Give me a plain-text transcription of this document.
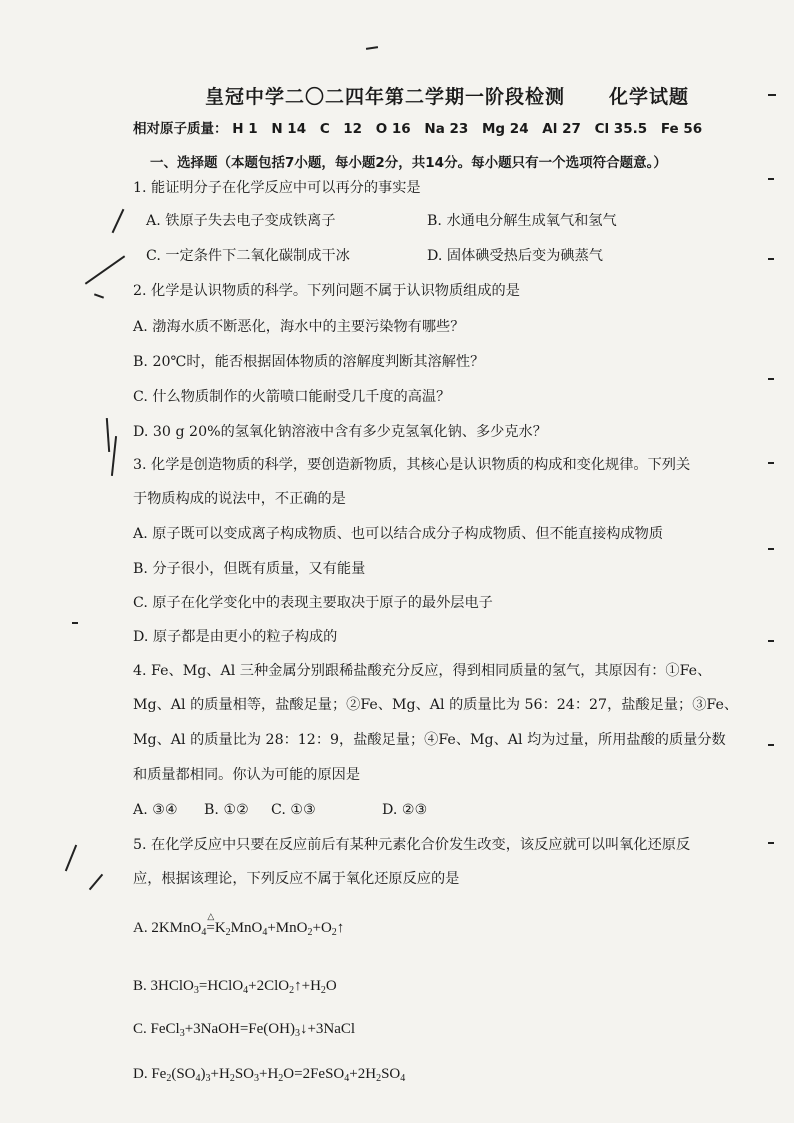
皇冠中学二〇二四年第二学期一阶段检测 化学试题
相对原子质量： H 1 N 14 C　12 O 16 Na 23 Mg 24 Al 27 Cl 35.5 Fe 56
一、选择题（本题包括7小题，每小题2分，共14分。每小题只有一个选项符合题意。）
1. 能证明分子在化学反应中可以再分的事实是
A. 铁原子失去电子变成铁离子	B. 水通电分解生成氧气和氢气
C. 一定条件下二氧化碳制成干冰	D. 固体碘受热后变为碘蒸气
2. 化学是认识物质的科学。下列问题不属于认识物质组成的是
A. 渤海水质不断恶化，海水中的主要污染物有哪些？
B. 20℃时，能否根据固体物质的溶解度判断其溶解性？
C. 什么物质制作的火箭喷口能耐受几千度的高温？
D. 30 g 20%的氢氧化钠溶液中含有多少克氢氧化钠、多少克水？
3. 化学是创造物质的科学，要创造新物质，其核心是认识物质的构成和变化规律。下列关
于物质构成的说法中，不正确的是
A. 原子既可以变成离子构成物质、也可以结合成分子构成物质、但不能直接构成物质
B. 分子很小，但既有质量，又有能量
C. 原子在化学变化中的表现主要取决于原子的最外层电子
D. 原子都是由更小的粒子构成的
4. Fe、Mg、Al 三种金属分别跟稀盐酸充分反应，得到相同质量的氢气，其原因有：①Fe、
Mg、Al 的质量相等，盐酸足量；②Fe、Mg、Al 的质量比为 56：24：27，盐酸足量；③Fe、
Mg、Al 的质量比为 28：12：9，盐酸足量；④Fe、Mg、Al 均为过量，所用盐酸的质量分数
和质量都相同。你认为可能的原因是
A. ③④ B. ①② C. ①③	D. ②③
5. 在化学反应中只要在反应前后有某种元素化合价发生改变，该反应就可以叫氧化还原反
应，根据该理论，下列反应不属于氧化还原反应的是
A. 2KMnO$_4$
△
$=K_2MnO_4+MnO_2+O_2↑$
B. $3HClO_3=HClO_4+2ClO_2↑+H_2O$
C. $FeCl_3+3NaOH=Fe(OH)_3↓+3NaCl$
D. $Fe_2(SO_4)_3+H_2SO_3+H_2O=2FeSO_4+2H_2SO_4$
